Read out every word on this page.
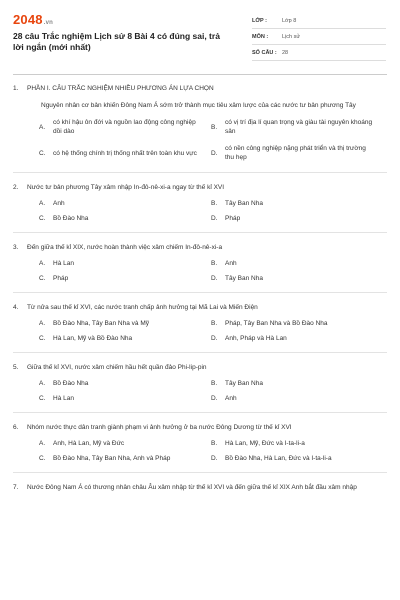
2048.vn
28 câu Trắc nghiệm Lịch sử 8 Bài 4 có đúng sai, trả lời ngắn (mới nhất)
LỚP :	Lớp 8
MÔN :	Lịch sử
SỐ CÂU : 28
1.	PHẦN I. CÂU TRẮC NGHIỆM NHIỀU PHƯƠNG ÁN LỰA CHỌN
Nguyên nhân cơ bản khiến Đông Nam Á sớm trở thành mục tiêu xâm lược của các nước tư bản phương Tây
A.
có khí hậu ôn đới và nguồn lao động công nghiệp dồi dào
B.
có vị trí địa lí quan trọng và giàu tài nguyên khoáng sản
C.	có hệ thống chính trị thống nhất trên toàn khu vực	D.
có nền công nghiệp nặng phát triển và thị trường thu hẹp
2.	Nước tư bản phương Tây xâm nhập In-đô-nê-xi-a ngay từ thế kỉ XVI
A.	Anh	B.	Tây Ban Nha
C.	Bồ Đào Nha	D.	Pháp
3.	Đến giữa thế kỉ XIX, nước hoàn thành việc xâm chiếm In-đô-nê-xi-a
A.	Hà Lan	B.	Anh
C.	Pháp	D.	Tây Ban Nha
4.	Từ nửa sau thế kỉ XVI, các nước tranh chấp ảnh hưởng tại Mã Lai và Miến Điện
A.	Bồ Đào Nha, Tây Ban Nha và Mỹ	B.	Pháp, Tây Ban Nha và Bồ Đào Nha
C.	Hà Lan, Mỹ và Bồ Đào Nha	D.	Anh, Pháp và Hà Lan
5.	Giữa thế kỉ XVI, nước xâm chiếm hầu hết quần đảo Phi-lip-pin
A.	Bồ Đào Nha	B.	Tây Ban Nha
C.	Hà Lan	D.	Anh
6.	Nhóm nước thực dân tranh giành phạm vi ảnh hưởng ở ba nước Đông Dương từ thế kỉ XVI
A.	Anh, Hà Lan, Mỹ và Đức	B.	Hà Lan, Mỹ, Đức và I-ta-li-a
C.	Bồ Đào Nha, Tây Ban Nha, Anh và Pháp	D.	Bồ Đào Nha, Hà Lan, Đức và I-ta-li-a
7.	Nước Đông Nam Á có thương nhân châu Âu xâm nhập từ thế kỉ XVI và đến giữa thế kỉ XIX Anh bắt đầu xâm nhập
